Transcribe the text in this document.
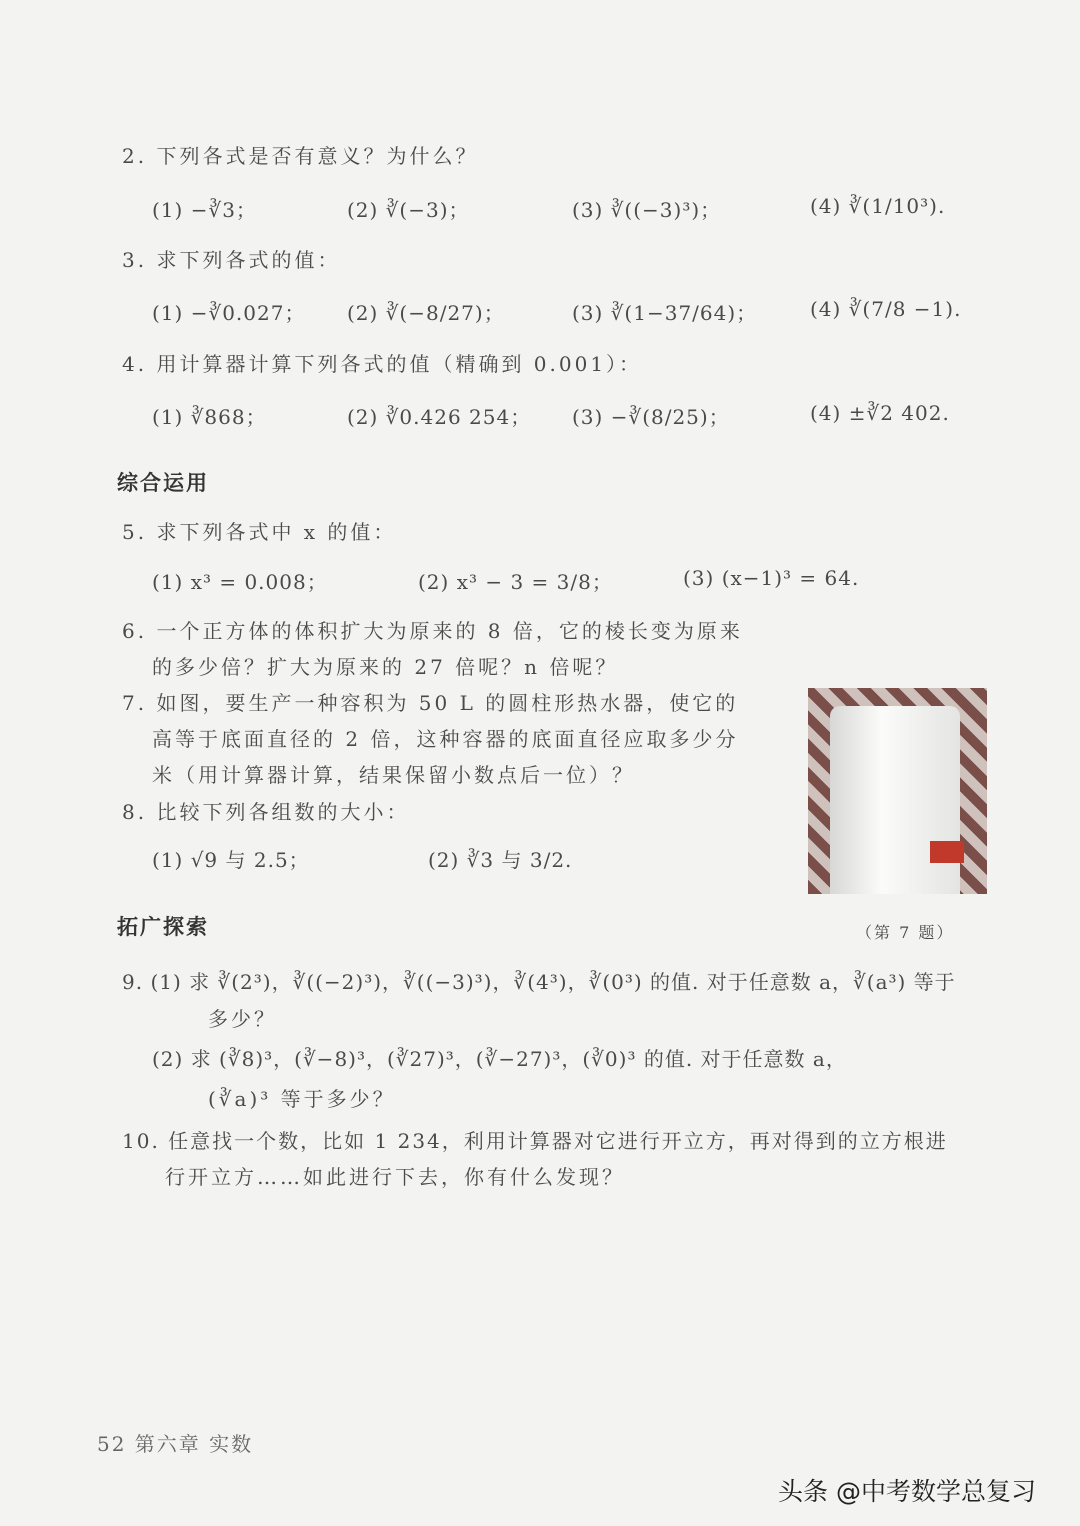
2. 下列各式是否有意义？为什么？
(1) −∛3；	(2) ∛(−3)；	(3) ∛((−3)³)；	(4) ∛(1/10³).
3. 求下列各式的值：
(1) −∛0.027； (2) ∛(−8/27)；	(3) ∛(1−37/64)；	(4) ∛(7/8 −1).
4. 用计算器计算下列各式的值（精确到 0.001）：
(1) ∛868；	(2) ∛0.426 254； (3) −∛(8/25)；	(4) ±∛2 402.
综合运用
5. 求下列各式中 x 的值：
(1) x³ = 0.008；	(2) x³ − 3 = 3/8；	(3) (x−1)³ = 64.
6. 一个正方体的体积扩大为原来的 8 倍，它的棱长变为原来
的多少倍？扩大为原来的 27 倍呢？n 倍呢？
7. 如图，要生产一种容积为 50 L 的圆柱形热水器，使它的
高等于底面直径的 2 倍，这种容器的底面直径应取多少分
米（用计算器计算，结果保留小数点后一位）？
8. 比较下列各组数的大小：
(1) √9 与 2.5；	(2) ∛3 与 3/2.
（第 7 题）
拓广探索
9. (1) 求 ∛(2³)，∛((−2)³)，∛((−3)³)，∛(4³)，∛(0³) 的值. 对于任意数 a，∛(a³) 等于
多少？
(2) 求 (∛8)³，(∛−8)³，(∛27)³，(∛−27)³，(∛0)³ 的值. 对于任意数 a，
(∛a)³ 等于多少？
10. 任意找一个数，比如 1 234，利用计算器对它进行开立方，再对得到的立方根进
行开立方……如此进行下去，你有什么发现？
52 第六章 实数
头条 @中考数学总复习
